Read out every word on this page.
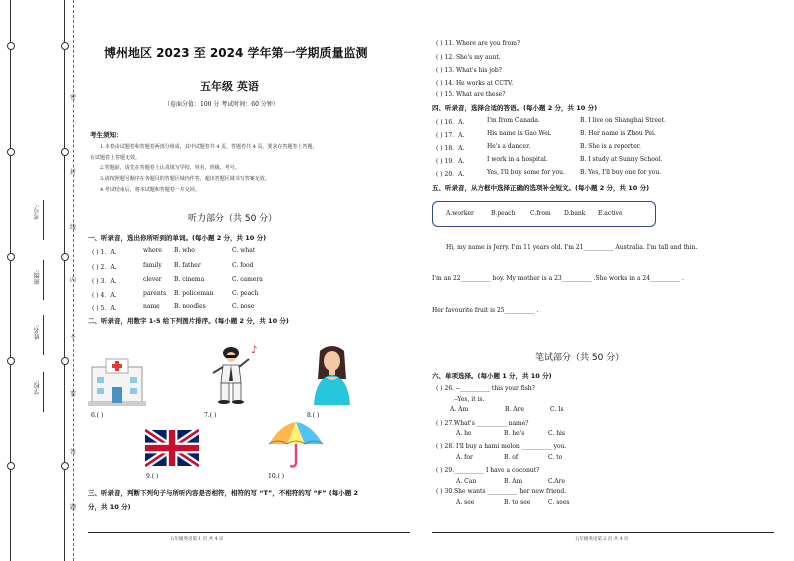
密
封
线
内
不
要
答
题
考号:
班级:
姓名:
学校:
博州地区 2023 至 2024 学年第一学期质量监测
五年级 英语
（卷面分值：100 分 考试时间：60 分钟）
考生须知：
1.本卷由试题卷和答题卷两部分组成，其中试题卷共 4 页，答题卷共 4 页。要求在答题卷上答题，
在试题卷上答题无效。
2.答题前，请先在答题卷上认真填写学校、姓名、班级、考号。
3.请按照题号顺序在各题目的答题区域内作答，超出答题区域书写答案无效。
4.考试结束后，将本试题和答题卷一并交回。
听力部分（共 50 分）
一、听录音，选出你所听到的单词。(每小题 2 分，共 10 分)
( ) 1．A.	where B. who	C. what
( ) 2．A.	family B. father	C. food
( ) 3．A.	clever B. cinema	C. camera
( ) 4．A.	parents B. policeman	C. peach
( ) 5．A.	name B. noodles	C. nose
二、听录音，用数字 1-5 给下列图片排序。(每小题 2 分，共 10 分)
6.( )
♪
7.( )	8.( )
9.( )	10.( )
三、听录音，判断下列句子与所听内容是否相符，相符的写 “T”，不相符的写 “F” (每小题 2
分，共 10 分)
五年级英语第 1 页 共 4 页
( ) 11. Where are you from?
( ) 12. She's my aunt.
( ) 13. What's his job?
( ) 14. He works at CCTV.
( ) 15. What are these?
四、听录音，选择合适的答语。(每小题 2 分，共 10 分)
( ) 16．A.	I'm from Canada.	B. I live on Shanghai Street.
( ) 17．A.	His name is Gao Wei.	B. Her name is Zhou Pei.
( ) 18．A.	He's a dancer.	B. She is a reporter.
( ) 19．A.	I work in a hospital.	B. I study at Sunny School.
( ) 20．A.	Yes, I'll buy some for you.	B. Yes, I'll buy one for you.
五、听录音，从方框中选择正确的选项补全短文。(每小题 2 分，共 10 分)
A.worker	B.peach C.from D.bank E.active
Hi, my name is Jerry. I'm 11 years old. I'm 21__________ Australia. I'm tall and thin.
I'm an 22__________ boy. My mother is a 23__________ .She works in a 24__________ .
Her favourite fruit is 25__________ .
笔试部分（共 50 分）
六、单项选择。(每小题 1 分，共 10 分)
( ) 26. --__________ this your fish?
--Yes, it is.
A. Am	B. Are	C. Is
( ) 27.What's __________ name?
A. he	B. he's	C. his
( ) 28. I'll buy a hami melon __________ you.
A. for	B. of	C. to
( ) 29.__________ I have a coconut?
A. Can	B. Am	C.Are
( ) 30.She wants __________ her new friend.
A. see	B. to see	C. sees
五年级英语第 2 页 共 4 页
